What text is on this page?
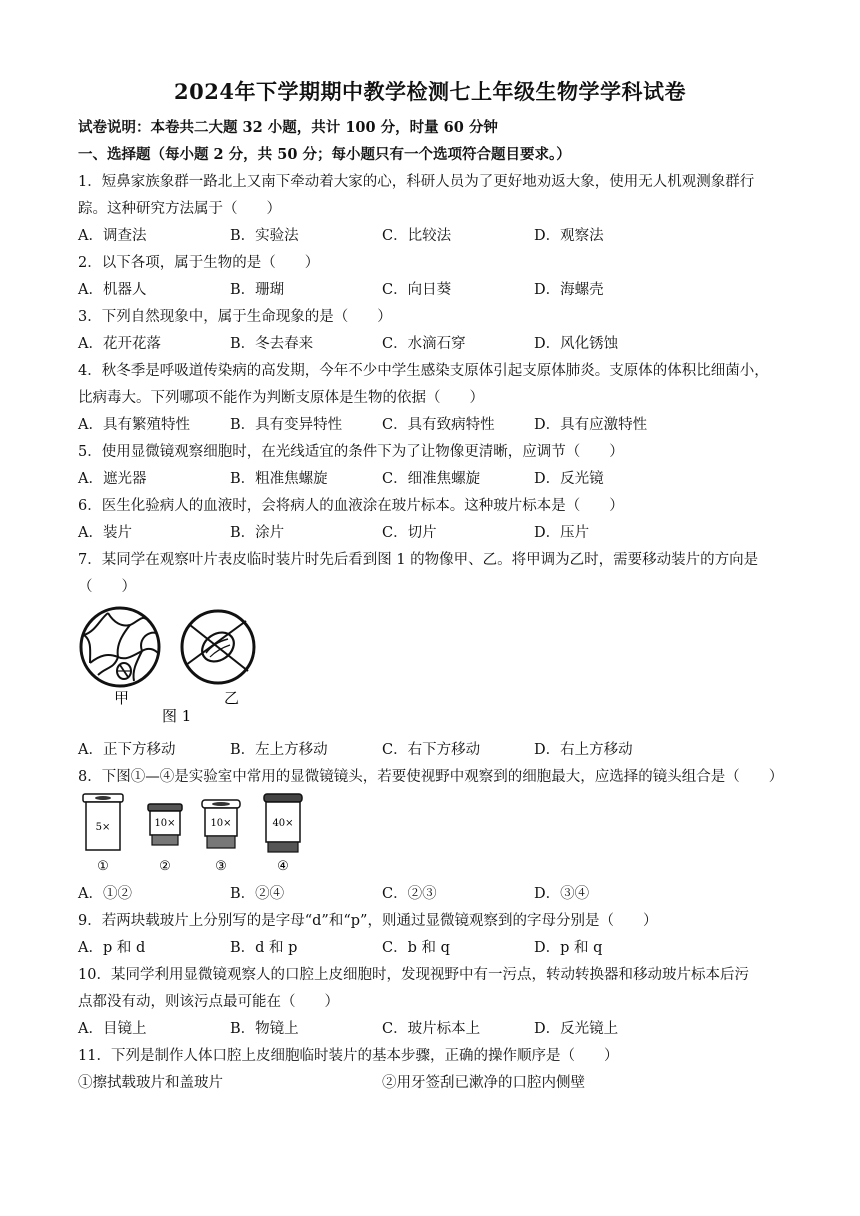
2024年下学期期中教学检测七上年级生物学学科试卷
试卷说明：本卷共二大题 32 小题，共计 100 分，时量 60 分钟
一、选择题（每小题 2 分，共 50 分；每小题只有一个选项符合题目要求。）
1．短鼻家族象群一路北上又南下牵动着大家的心，科研人员为了更好地劝返大象，使用无人机观测象群行
踪。这种研究方法属于（　　）
A．调查法	B．实验法	C．比较法	D．观察法
2．以下各项，属于生物的是（　　）
A．机器人	B．珊瑚	C．向日葵	D．海螺壳
3．下列自然现象中，属于生命现象的是（　　）
A．花开花落	B．冬去春来	C．水滴石穿	D．风化锈蚀
4．秋冬季是呼吸道传染病的高发期，今年不少中学生感染支原体引起支原体肺炎。支原体的体积比细菌小，
比病毒大。下列哪项不能作为判断支原体是生物的依据（　　）
A．具有繁殖特性	B．具有变异特性	C．具有致病特性	D．具有应激特性
5．使用显微镜观察细胞时，在光线适宜的条件下为了让物像更清晰，应调节（　　）
A．遮光器	B．粗准焦螺旋	C．细准焦螺旋	D．反光镜
6．医生化验病人的血液时，会将病人的血液涂在玻片标本。这种玻片标本是（　　）
A．装片	B．涂片	C．切片	D．压片
7．某同学在观察叶片表皮临时装片时先后看到图 1 的物像甲、乙。将甲调为乙时，需要移动装片的方向是
（　　）
甲	乙
图 1
A．正下方移动	B．左上方移动	C．右下方移动	D．右上方移动
8．下图①—④是实验室中常用的显微镜镜头，若要使视野中观察到的细胞最大，应选择的镜头组合是（　　）
5×	10×	10×	40×
①	②	③	④
A．①②	B．②④	C．②③	D．③④
9．若两块载玻片上分别写的是字母“d”和“p”，则通过显微镜观察到的字母分别是（　　）
A．p 和 d	B．d 和 p	C．b 和 q	D．p 和 q
10．某同学利用显微镜观察人的口腔上皮细胞时，发现视野中有一污点，转动转换器和移动玻片标本后污
点都没有动，则该污点最可能在（　　）
A．目镜上	B．物镜上	C．玻片标本上	D．反光镜上
11．下列是制作人体口腔上皮细胞临时装片的基本步骤，正确的操作顺序是（　　）
①擦拭载玻片和盖玻片	②用牙签刮已漱净的口腔内侧壁
